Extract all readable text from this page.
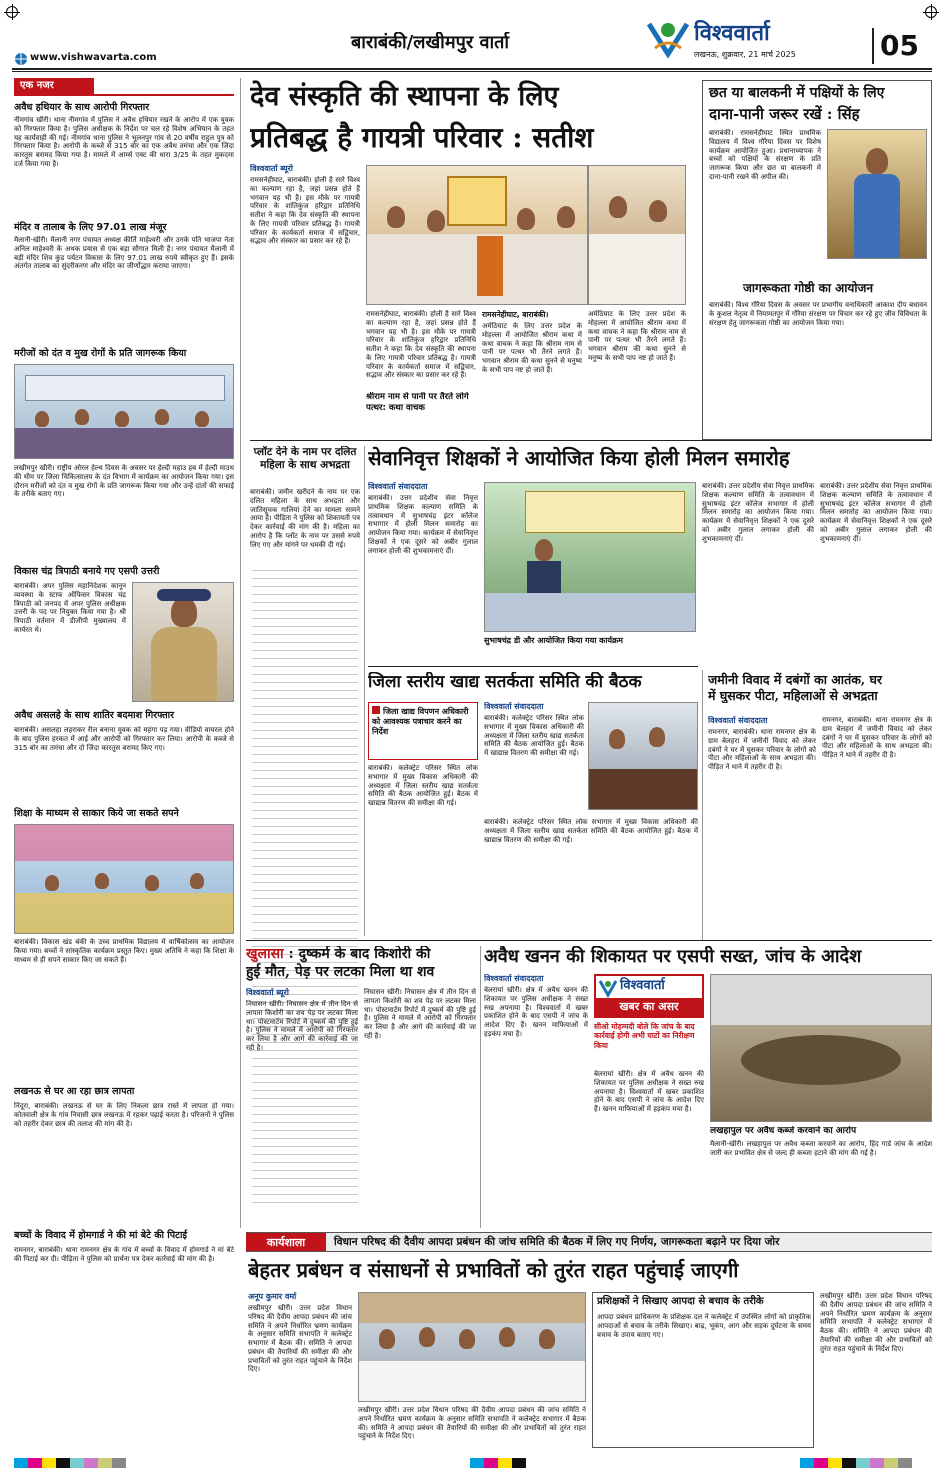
बाराबंकी/लखीमपुर वार्ता	विश्ववार्ता
लखनऊ, शुक्रवार, 21 मार्च 2025	05
www.vishwavarta.com
एक नजर
अवैध हथियार के साथ आरोपी गिरफ्तार
नीमगांव खीरी। थाना नीमगांव में पुलिस ने अवैध हथियार रखने के आरोप में एक युवक को गिरफ्तार किया है। पुलिस अधीक्षक के निर्देश पर चल रहे विशेष अभियान के तहत यह कार्यवाही की गई। नीमगांव थाना पुलिस ने भूलनपुर गांव से 20 वर्षीय राहुल पुत्र को गिरफ्तार किया है। आरोपी के कब्जे से 315 बोर का एक अवैध तमंचा और एक जिंदा कारतूस बरामद किया गया है। मामले में आर्म्स एक्ट की धारा 3/25 के तहत मुकदमा दर्ज किया गया है।
मंदिर व तालाब के लिए 97.01 लाख मंजूर
मैलानी-खीरी। मैलानी नगर पंचायत अध्यक्ष कीर्ति माहेश्वरी और उनके पति भाजपा नेता अनिल माहेश्वरी के अथक प्रयास से एक बड़ा सौगात मिली है। नगर पंचायत मैलानी में बड़ी मंदिर शिव कुंड पर्यटन विकास के लिए 97.01 लाख रुपये स्वीकृत हुए हैं। इसके अंतर्गत तालाब का सुंदरीकरण और मंदिर का जीर्णोद्धार कराया जाएगा।
मरीजों को दंत व मुख रोगों के प्रति जागरूक किया
लखीमपुर खीरी। राष्ट्रीय ओरल हेल्थ दिवस के अवसर पर हेल्दी महाउ हब में हेल्दी माउथ की थीम पर जिला चिकित्सालय के दंत विभाग में कार्यक्रम का आयोजन किया गया। इस दौरान मरीजों को दंत व मुख रोगों के प्रति जागरूक किया गया और उन्हें दांतों की सफाई के तरीके बताए गए।
विकास चंद्र त्रिपाठी बनाये गए एसपी उत्तरी
बाराबंकी। अपर पुलिस महानिदेशक कानून व्यवस्था के स्टाफ ऑफिसर विकास चंद्र त्रिपाठी को जनपद में अपर पुलिस अधीक्षक उत्तरी के पद पर नियुक्त किया गया है। श्री त्रिपाठी वर्तमान में डीजीपी मुख्यालय में कार्यरत थे।
अवैध असलहे के साथ शातिर बदमाश गिरफ्तार
बाराबंकी। असलहा लहराकर रील बनाना युवक को महंगा पड़ गया। वीडियो वायरल होने के बाद पुलिस हरकत में आई और आरोपी को गिरफ्तार कर लिया। आरोपी के कब्जे से 315 बोर का तमंचा और दो जिंदा कारतूस बरामद किए गए।
शिक्षा के माध्यम से साकार किये जा सकते सपने
बाराबंकी। विकास खंड बंकी के उच्च प्राथमिक विद्यालय में वार्षिकोत्सव का आयोजन किया गया। बच्चों ने सांस्कृतिक कार्यक्रम प्रस्तुत किए। मुख्य अतिथि ने कहा कि शिक्षा के माध्यम से ही सपने साकार किए जा सकते हैं।
लखनऊ से घर आ रहा छात्र लापता
निंदूरा, बाराबंकी। लखनऊ से घर के लिए निकला छात्र रास्ते में लापता हो गया। कोतवाली क्षेत्र के गांव निवासी छात्र लखनऊ में रहकर पढ़ाई करता है। परिजनों ने पुलिस को तहरीर देकर छात्र की तलाश की मांग की है।
बच्चों के विवाद में होमगार्ड ने की मां बेटे की पिटाई
रामनगर, बाराबंकी। थाना रामनगर क्षेत्र के गांव में बच्चों के विवाद में होमगार्ड ने मां बेटे की पिटाई कर दी। पीड़िता ने पुलिस को प्रार्थना पत्र देकर कार्रवाई की मांग की है।
देव संस्कृति की स्थापना के लिए
प्रतिबद्ध है गायत्री परिवार : सतीश
विश्ववार्ता ब्यूरो
रामसनेहीघाट, बाराबंकी। होली है सारे विश्व का कल्याण रहा है, जहां प्रसन्न होते हैं भगवान यह भी है। इस मौके पर गायत्री परिवार के शांतिकुंज हरिद्वार प्रतिनिधि सतीश ने कहा कि देव संस्कृति की स्थापना के लिए गायत्री परिवार प्रतिबद्ध है। गायत्री परिवार के कार्यकर्ता समाज में सद्विचार, सद्भाव और संस्कार का प्रसार कर रहे हैं।
रामसनेहीघाट, बाराबंकी। होली है सारे विश्व का कल्याण रहा है, जहां प्रसन्न होते हैं भगवान यह भी है। इस मौके पर गायत्री परिवार के शांतिकुंज हरिद्वार प्रतिनिधि सतीश ने कहा कि देव संस्कृति की स्थापना के लिए गायत्री परिवार प्रतिबद्ध है। गायत्री परिवार के कार्यकर्ता समाज में सद्विचार, सद्भाव और संस्कार का प्रसार कर रहे हैं।
श्रीराम नाम से पानी पर तैरते लोगे पत्थर: कथा वाचक
रामसनेहीघाट, बाराबंकी।
अमेठिघाट के लिए उत्तर प्रदेश के मोहल्ला में आयोजित श्रीराम कथा में कथा वाचक ने कहा कि श्रीराम नाम से पानी पर पत्थर भी तैरने लगते हैं। भगवान श्रीराम की कथा सुनने से मनुष्य के सभी पाप नष्ट हो जाते हैं।
अमेठिघाट के लिए उत्तर प्रदेश के मोहल्ला में आयोजित श्रीराम कथा में कथा वाचक ने कहा कि श्रीराम नाम से पानी पर पत्थर भी तैरने लगते हैं। भगवान श्रीराम की कथा सुनने से मनुष्य के सभी पाप नष्ट हो जाते हैं।
छत या बालकनी में पक्षियों के लिए
दाना-पानी जरूर रखें : सिंह
बाराबंकी। रामसनेहीघाट स्थित प्राथमिक विद्यालय में विश्व गौरैया दिवस पर विशेष कार्यक्रम आयोजित हुआ। प्रधानाध्यापक ने बच्चों को पक्षियों के संरक्षण के प्रति जागरूक किया और छत या बालकनी में दाना-पानी रखने की अपील की।
जागरूकता गोष्ठी का आयोजन
बाराबंकी। विश्व गौरैया दिवस के अवसर पर प्रभागीय वनाधिकारी आकाश दीप बधावन के कुशल नेतृत्व में नियामतपुर में गौरैया संरक्षण पर विचार कर रहे हुए जीव विविधता के संरक्षण हेतु जागरूकता गोष्ठी का आयोजन किया गया।
प्लॉट देने के नाम पर दलित
महिला के साथ अभद्रता
बाराबंकी। जमीन खरीदने के नाम पर एक दलित महिला के साथ अभद्रता और जातिसूचक गालियां देने का मामला सामने आया है। पीड़िता ने पुलिस को शिकायती पत्र देकर कार्रवाई की मांग की है। महिला का आरोप है कि प्लॉट के नाम पर उससे रुपये लिए गए और मांगने पर धमकी दी गई।
सेवानिवृत्त शिक्षकों ने आयोजित किया होली मिलन समारोह
विश्ववार्ता संवाददाता
बाराबंकी। उत्तर प्रदेशीय सेवा निवृत्त प्राथमिक शिक्षक कल्याण समिति के तत्वावधान में सुभाषचंद्र इंटर कॉलेज सभागार में होली मिलन समारोह का आयोजन किया गया। कार्यक्रम में सेवानिवृत्त शिक्षकों ने एक दूसरे को अबीर गुलाल लगाकर होली की शुभकामनाएं दीं।
सुभाषचंद्र डी और आयोजित किया गया कार्यक्रम
बाराबंकी। उत्तर प्रदेशीय सेवा निवृत्त प्राथमिक शिक्षक कल्याण समिति के तत्वावधान में सुभाषचंद्र इंटर कॉलेज सभागार में होली मिलन समारोह का आयोजन किया गया। कार्यक्रम में सेवानिवृत्त शिक्षकों ने एक दूसरे को अबीर गुलाल लगाकर होली की शुभकामनाएं दीं।
बाराबंकी। उत्तर प्रदेशीय सेवा निवृत्त प्राथमिक शिक्षक कल्याण समिति के तत्वावधान में सुभाषचंद्र इंटर कॉलेज सभागार में होली मिलन समारोह का आयोजन किया गया। कार्यक्रम में सेवानिवृत्त शिक्षकों ने एक दूसरे को अबीर गुलाल लगाकर होली की शुभकामनाएं दीं।
जिला स्तरीय खाद्य सतर्कता समिति की बैठक
जिला खाद्य विपणन अधिकारी को आवश्यक पत्राचार करने का निर्देश
बाराबंकी। कलेक्ट्रेट परिसर स्थित लोक सभागार में मुख्य विकास अधिकारी की अध्यक्षता में जिला स्तरीय खाद्य सतर्कता समिति की बैठक आयोजित हुई। बैठक में खाद्यान्न वितरण की समीक्षा की गई।
विश्ववार्ता संवाददाता
बाराबंकी। कलेक्ट्रेट परिसर स्थित लोक सभागार में मुख्य विकास अधिकारी की अध्यक्षता में जिला स्तरीय खाद्य सतर्कता समिति की बैठक आयोजित हुई। बैठक में खाद्यान्न वितरण की समीक्षा की गई।
बाराबंकी। कलेक्ट्रेट परिसर स्थित लोक सभागार में मुख्य विकास अधिकारी की अध्यक्षता में जिला स्तरीय खाद्य सतर्कता समिति की बैठक आयोजित हुई। बैठक में खाद्यान्न वितरण की समीक्षा की गई।
जमीनी विवाद में दबंगों का आतंक, घर
में घुसकर पीटा, महिलाओं से अभद्रता
विश्ववार्ता संवाददाता
रामनगर, बाराबंकी। थाना रामनगर क्षेत्र के ग्राम बेलहरा में जमीनी विवाद को लेकर दबंगों ने घर में घुसकर परिवार के लोगों को पीटा और महिलाओं के साथ अभद्रता की। पीड़ित ने थाने में तहरीर दी है।
रामनगर, बाराबंकी। थाना रामनगर क्षेत्र के ग्राम बेलहरा में जमीनी विवाद को लेकर दबंगों ने घर में घुसकर परिवार के लोगों को पीटा और महिलाओं के साथ अभद्रता की। पीड़ित ने थाने में तहरीर दी है।
खुलासा : दुष्कर्म के बाद किशोरी की
हुई मौत, पेड़ पर लटका मिला था शव
विश्ववार्ता ब्यूरो
निघासन खीरी। निघासन क्षेत्र में तीन दिन से लापता किशोरी का शव पेड़ पर लटका मिला था। पोस्टमार्टम रिपोर्ट में दुष्कर्म की पुष्टि हुई है। पुलिस ने मामले में आरोपी को गिरफ्तार कर लिया है और आगे की कार्रवाई की जा रही है।
निघासन खीरी। निघासन क्षेत्र में तीन दिन से लापता किशोरी का शव पेड़ पर लटका मिला था। पोस्टमार्टम रिपोर्ट में दुष्कर्म की पुष्टि हुई है। पुलिस ने मामले में आरोपी को गिरफ्तार कर लिया है और आगे की कार्रवाई की जा रही है।
अवैध खनन की शिकायत पर एसपी सख्त, जांच के आदेश
विश्ववार्ता संवाददाता
बेलरायां खीरी। क्षेत्र में अवैध खनन की शिकायत पर पुलिस अधीक्षक ने सख्त रुख अपनाया है। विश्ववार्ता में खबर प्रकाशित होने के बाद एसपी ने जांच के आदेश दिए हैं। खनन माफियाओं में हड़कंप मचा है।
विश्ववार्ता
खबर का असर
सीओ मोहम्मदी बोले कि जांच के बाद कार्रवाई होगी अभी घाटों का निरीक्षण किया
बेलरायां खीरी। क्षेत्र में अवैध खनन की शिकायत पर पुलिस अधीक्षक ने सख्त रुख अपनाया है। विश्ववार्ता में खबर प्रकाशित होने के बाद एसपी ने जांच के आदेश दिए हैं। खनन माफियाओं में हड़कंप मचा है।
लखहापुल पर अवैध कब्जे करवाने का आरोप
मैलानी-खीरी। लखहापुल पर अवैध कब्जा करवाने का आरोप, हिंद गार्ड जांच के आदेश जारी कर प्रभावित क्षेत्र से जल्द ही कब्जा हटाने की मांग की गई है।
कार्यशाला	विधान परिषद की दैवीय आपदा प्रबंधन की जांच समिति की बैठक में लिए गए निर्णय, जागरूकता बढ़ाने पर दिया जोर
बेहतर प्रबंधन व संसाधनों से प्रभावितों को तुरंत राहत पहुंचाई जाएगी
अनूप कुमार वर्मा
लखीमपुर खीरी। उत्तर प्रदेश विधान परिषद की दैवीय आपदा प्रबंधन की जांच समिति ने अपने निर्धारित भ्रमण कार्यक्रम के अनुसार समिति सभापति ने कलेक्ट्रेट सभागार में बैठक की। समिति ने आपदा प्रबंधन की तैयारियों की समीक्षा की और प्रभावितों को तुरंत राहत पहुंचाने के निर्देश दिए।
लखीमपुर खीरी। उत्तर प्रदेश विधान परिषद की दैवीय आपदा प्रबंधन की जांच समिति ने अपने निर्धारित भ्रमण कार्यक्रम के अनुसार समिति सभापति ने कलेक्ट्रेट सभागार में बैठक की। समिति ने आपदा प्रबंधन की तैयारियों की समीक्षा की और प्रभावितों को तुरंत राहत पहुंचाने के निर्देश दिए।
प्रशिक्षकों ने सिखाए आपदा से बचाव के तरीके
आपदा प्रबंधन प्राधिकरण के प्रशिक्षक दल ने कलेक्ट्रेट में उपस्थित लोगों को प्राकृतिक आपदाओं से बचाव के तरीके सिखाए। बाढ़, भूकंप, आग और सड़क दुर्घटना के समय बचाव के उपाय बताए गए।
लखीमपुर खीरी। उत्तर प्रदेश विधान परिषद की दैवीय आपदा प्रबंधन की जांच समिति ने अपने निर्धारित भ्रमण कार्यक्रम के अनुसार समिति सभापति ने कलेक्ट्रेट सभागार में बैठक की। समिति ने आपदा प्रबंधन की तैयारियों की समीक्षा की और प्रभावितों को तुरंत राहत पहुंचाने के निर्देश दिए।
